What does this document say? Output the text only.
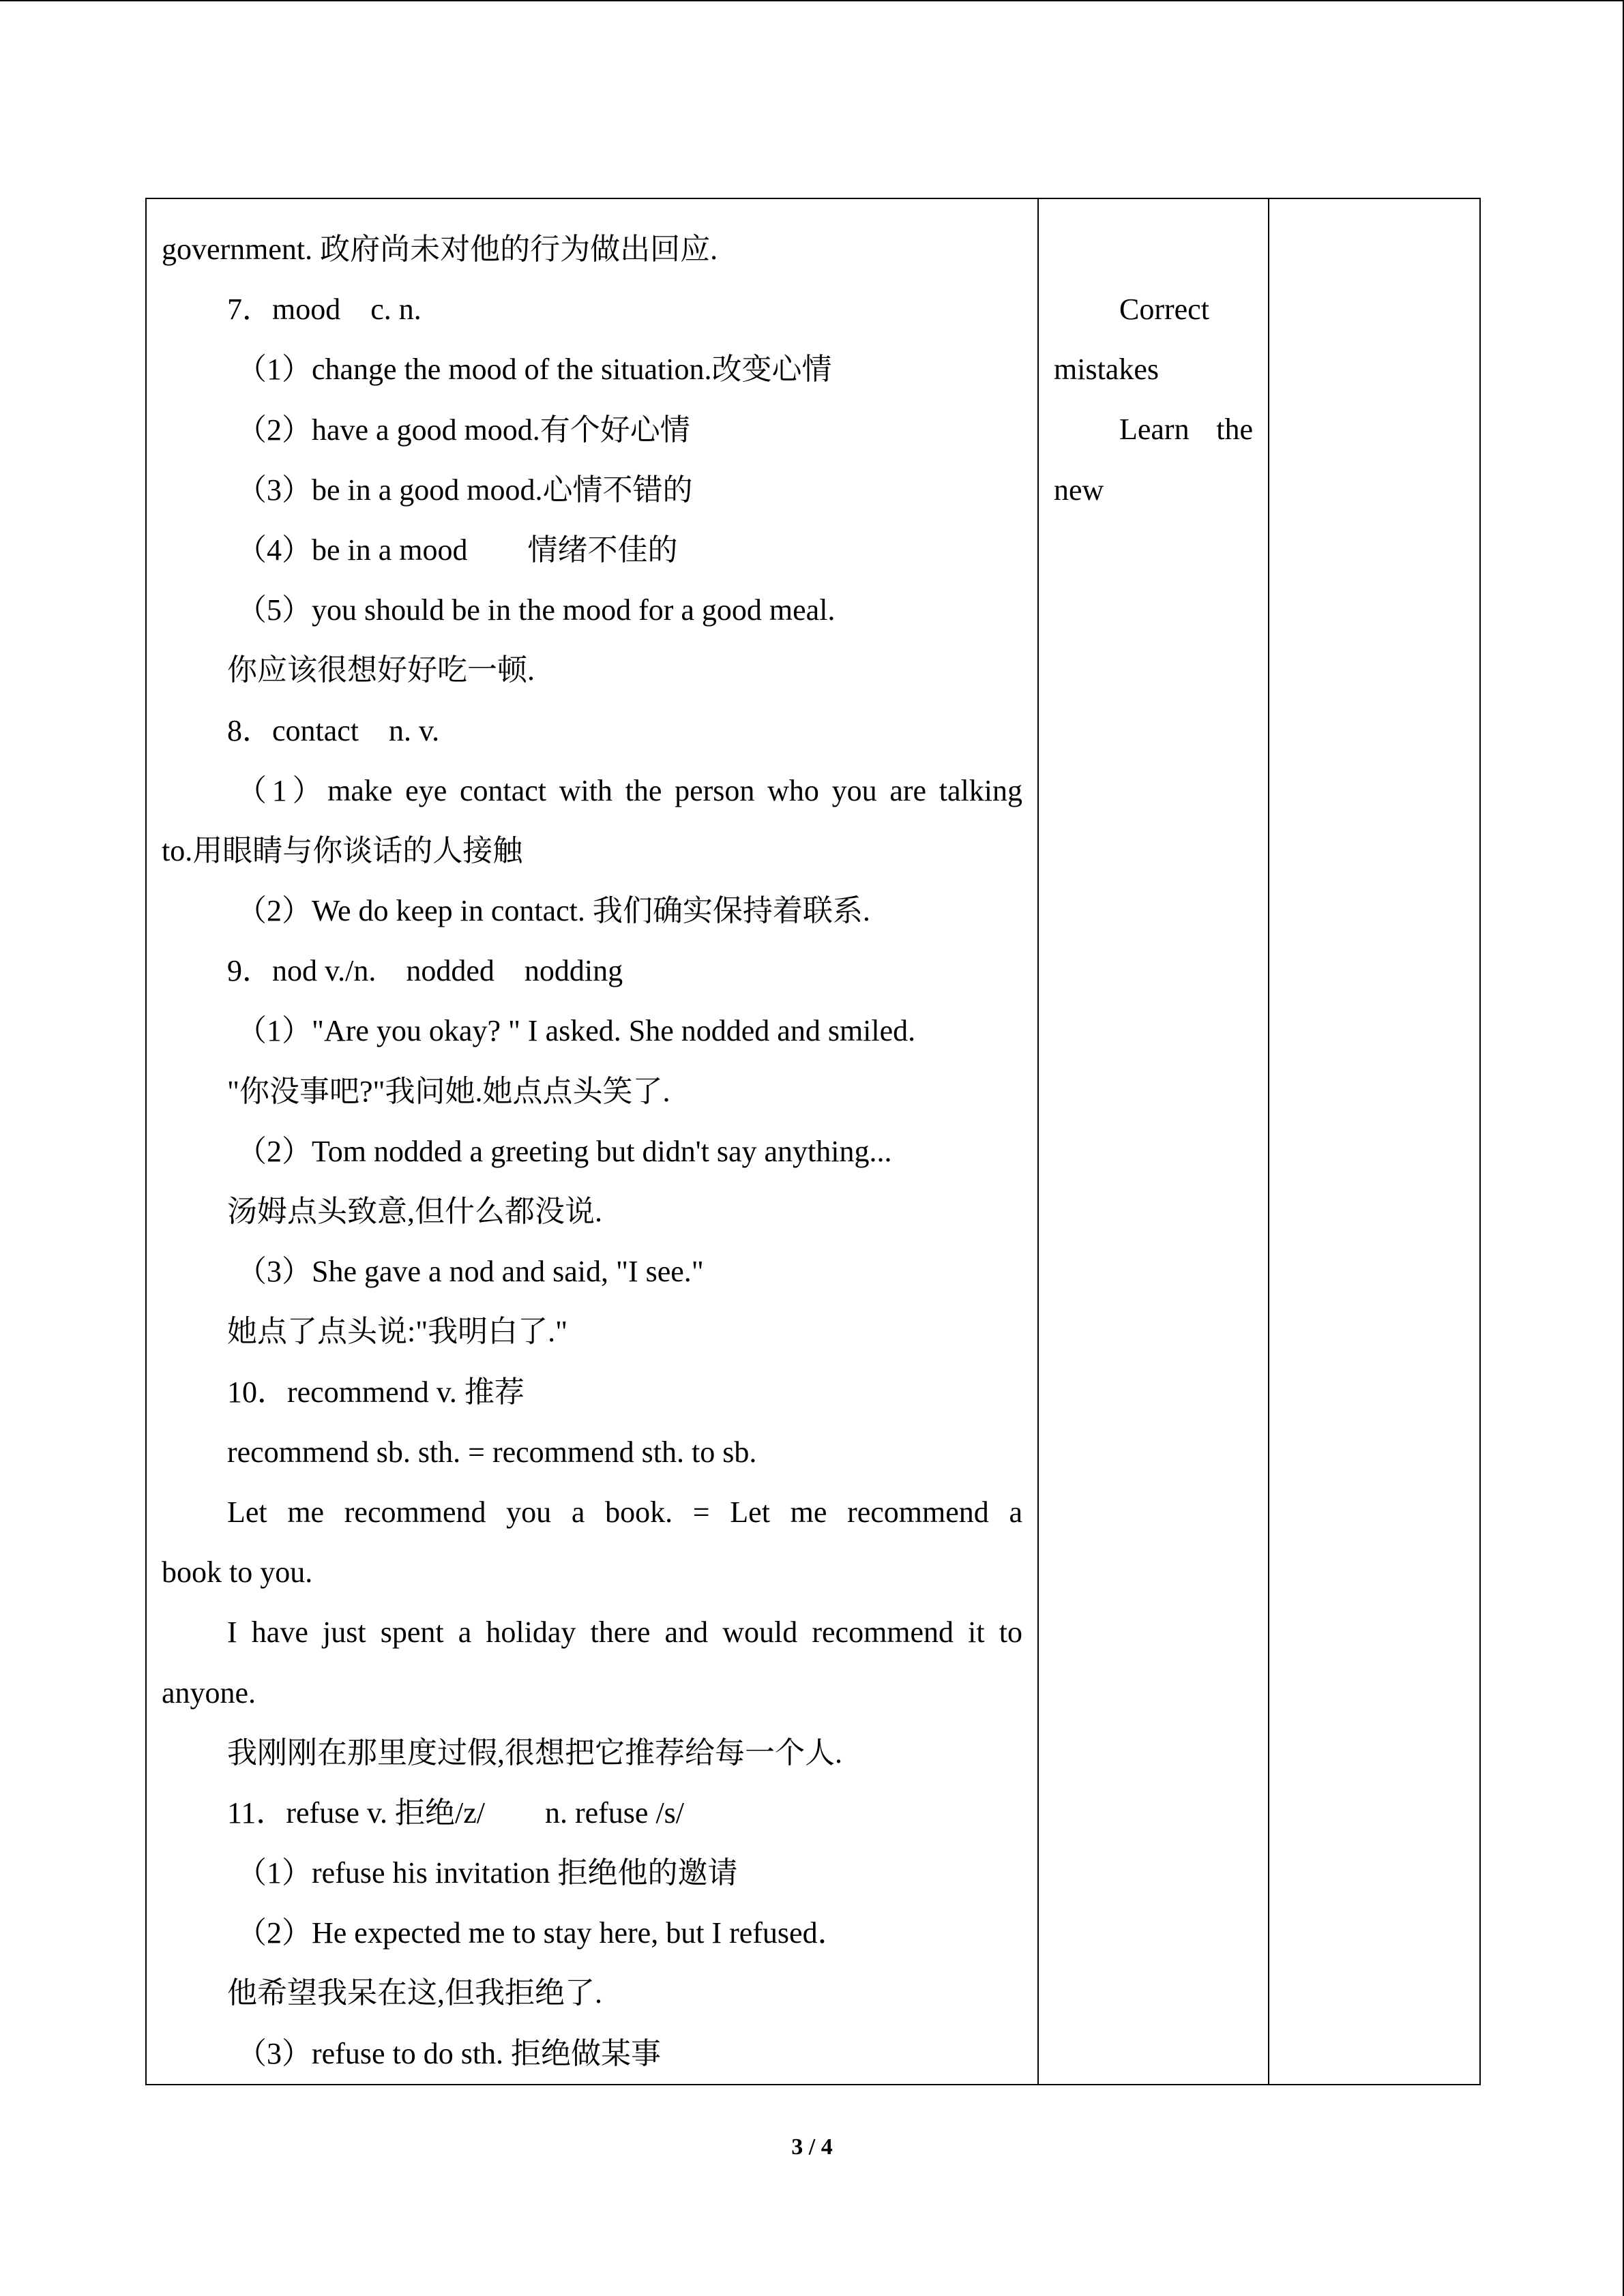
government. 政府尚未对他的行为做出回应.
7．mood　c. n.
（1）change the mood of the situation.改变心情
（2）have a good mood.有个好心情
（3）be in a good mood.心情不错的
（4）be in a mood　　情绪不佳的
（5）you should be in the mood for a good meal.
你应该很想好好吃一顿.
8．contact　n. v.
（1）make eye contact with the person who you are talking
to.用眼睛与你谈话的人接触
（2）We do keep in contact. 我们确实保持着联系.
9．nod v./n.　nodded　nodding
（1）"Are you okay? " I asked. She nodded and smiled.
"你没事吧?"我问她.她点点头笑了.
（2）Tom nodded a greeting but didn't say anything...
汤姆点头致意,但什么都没说.
（3）She gave a nod and said, "I see."
她点了点头说:"我明白了."
10．recommend v. 推荐
recommend sb. sth. = recommend sth. to sb.
Let me recommend you a book. = Let me recommend a
book to you.
I have just spent a holiday there and would recommend it to
anyone.
我刚刚在那里度过假,很想把它推荐给每一个人.
11．refuse v. 拒绝/z/　　n. refuse /s/
（1）refuse his invitation 拒绝他的邀请
（2）He expected me to stay here, but I refused．
他希望我呆在这,但我拒绝了.
（3）refuse to do sth. 拒绝做某事

Correct
mistakes
Learn the
new

3 / 4
